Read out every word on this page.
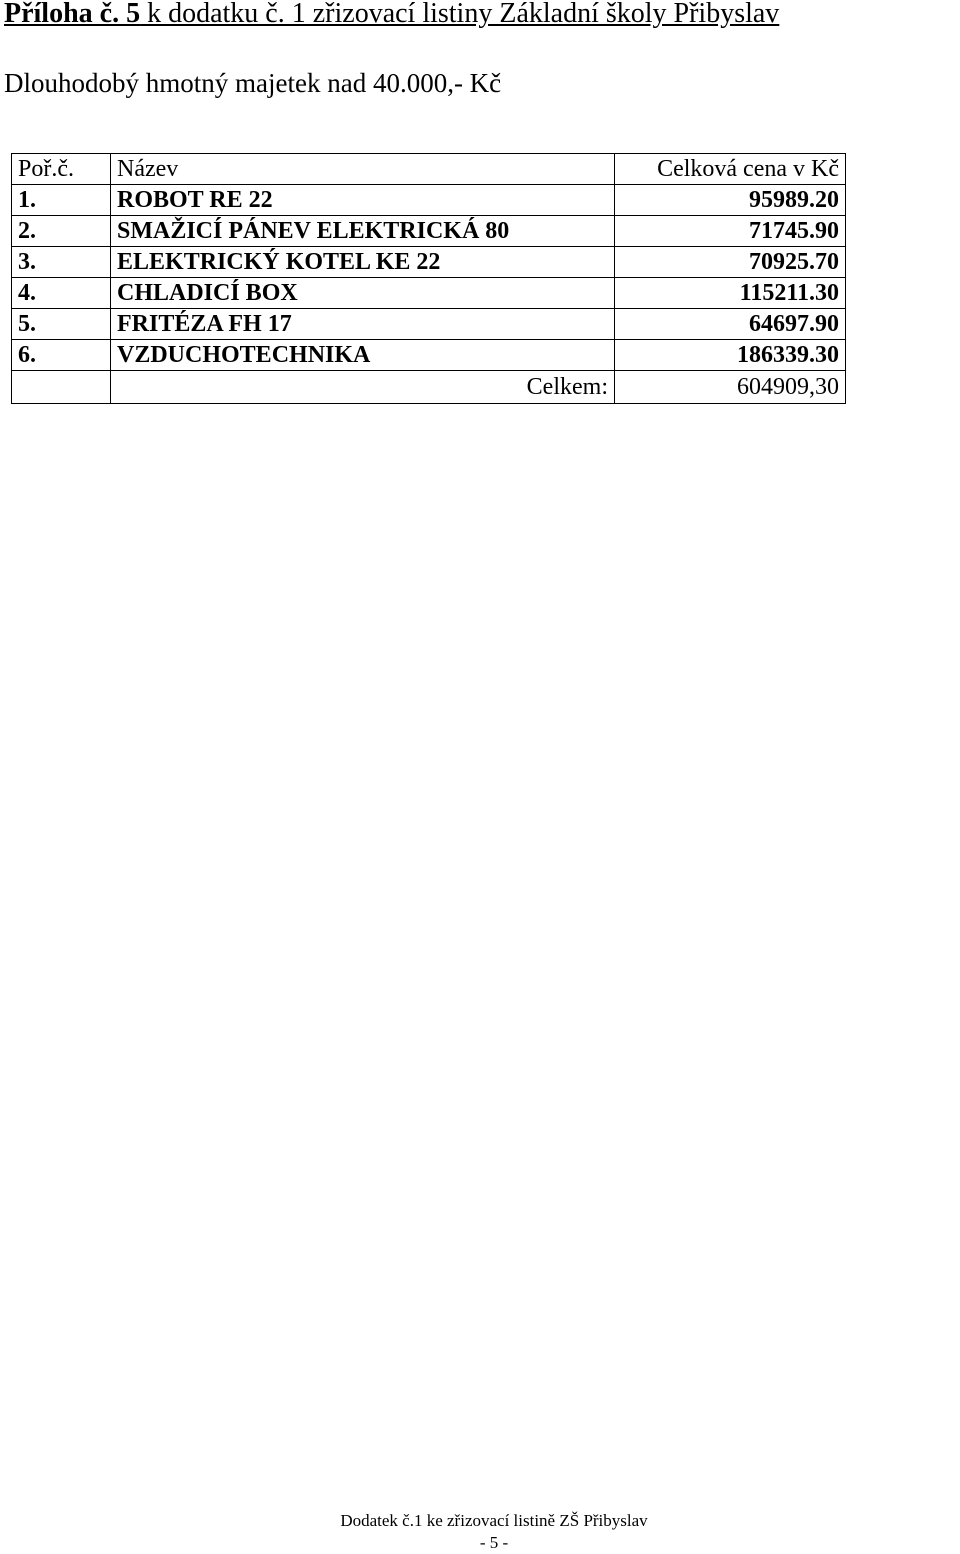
Příloha č. 5 k dodatku č. 1 zřizovací listiny Základní školy Přibyslav
Dlouhodobý hmotný majetek nad 40.000,- Kč
Poř.č.	Název	Celková cena v Kč
1.	ROBOT RE 22	95989.20
2.	SMAŽICÍ PÁNEV ELEKTRICKÁ 80	71745.90
3.	ELEKTRICKÝ KOTEL KE 22	70925.70
4.	CHLADICÍ BOX	115211.30
5.	FRITÉZA FH 17	64697.90
6.	VZDUCHOTECHNIKA	186339.30
	Celkem:	604909,30
Dodatek č.1 ke zřizovací listině ZŠ Přibyslav
- 5 -
